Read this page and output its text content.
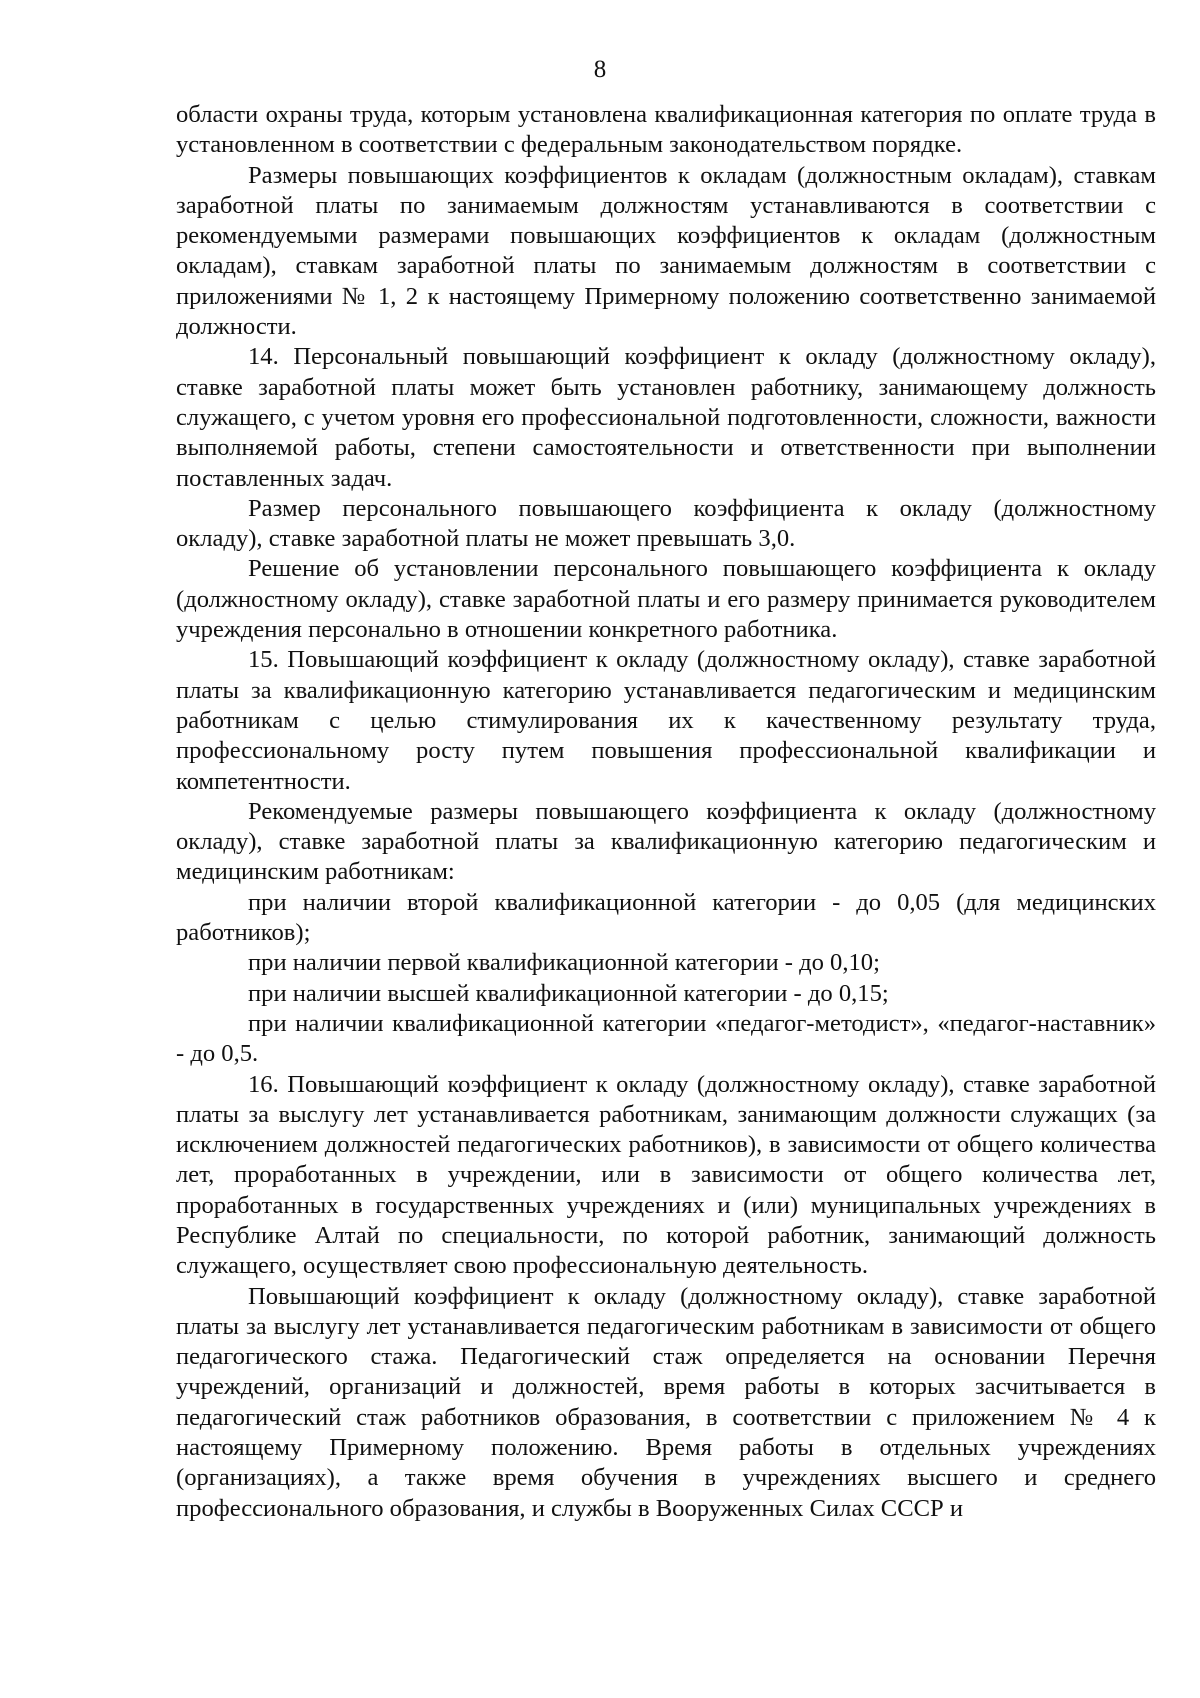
8

области охраны труда, которым установлена квалификационная категория по оплате труда в установленном в соответствии с федеральным законодательством порядке.

Размеры повышающих коэффициентов к окладам (должностным окладам), ставкам заработной платы по занимаемым должностям устанавливаются в соответствии с рекомендуемыми размерами повышающих коэффициентов к окладам (должностным окладам), ставкам заработной платы по занимаемым должностям в соответствии с приложениями № 1, 2 к настоящему Примерному положению соответственно занимаемой должности.

14. Персональный повышающий коэффициент к окладу (должностному окладу), ставке заработной платы может быть установлен работнику, занимающему должность служащего, с учетом уровня его профессиональной подготовленности, сложности, важности выполняемой работы, степени самостоятельности и ответственности при выполнении поставленных задач.

Размер персонального повышающего коэффициента к окладу (должностному окладу), ставке заработной платы не может превышать 3,0.

Решение об установлении персонального повышающего коэффициента к окладу (должностному окладу), ставке заработной платы и его размеру принимается руководителем учреждения персонально в отношении конкретного работника.

15. Повышающий коэффициент к окладу (должностному окладу), ставке заработной платы за квалификационную категорию устанавливается педагогическим и медицинским работникам с целью стимулирования их к качественному результату труда, профессиональному росту путем повышения профессиональной квалификации и компетентности.

Рекомендуемые размеры повышающего коэффициента к окладу (должностному окладу), ставке заработной платы за квалификационную категорию педагогическим и медицинским работникам:

при наличии второй квалификационной категории - до 0,05 (для медицинских работников);

при наличии первой квалификационной категории - до 0,10;

при наличии высшей квалификационной категории - до 0,15;

при наличии квалификационной категории «педагог-методист», «педагог-наставник» - до 0,5.

16. Повышающий коэффициент к окладу (должностному окладу), ставке заработной платы за выслугу лет устанавливается работникам, занимающим должности служащих (за исключением должностей педагогических работников), в зависимости от общего количества лет, проработанных в учреждении, или в зависимости от общего количества лет, проработанных в государственных учреждениях и (или) муниципальных учреждениях в Республике Алтай по специальности, по которой работник, занимающий должность служащего, осуществляет свою профессиональную деятельность.

Повышающий коэффициент к окладу (должностному окладу), ставке заработной платы за выслугу лет устанавливается педагогическим работникам в зависимости от общего педагогического стажа. Педагогический стаж определяется на основании Перечня учреждений, организаций и должностей, время работы в которых засчитывается в педагогический стаж работников образования, в соответствии с приложением № 4 к настоящему Примерному положению. Время работы в отдельных учреждениях (организациях), а также время обучения в учреждениях высшего и среднего профессионального образования, и службы в Вооруженных Силах СССР и
